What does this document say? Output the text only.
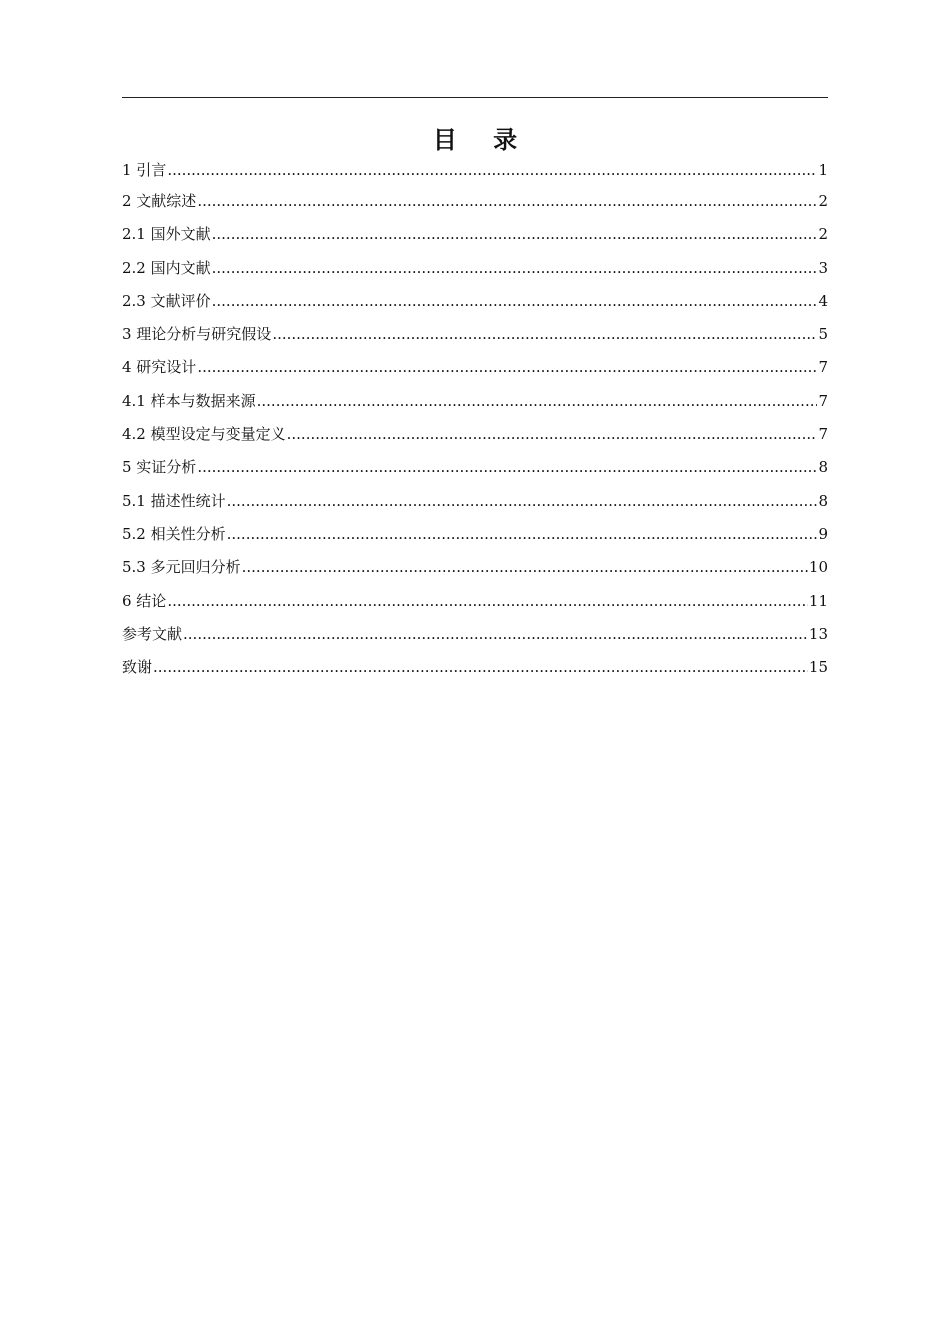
目 录
1 引言 .....	1
2 文献综述 .....	2
2.1 国外文献 .....	2
2.2 国内文献 .....	3
2.3 文献评价 .....	4
3 理论分析与研究假设 .....	5
4 研究设计 .....	7
4.1 样本与数据来源 .....	7
4.2 模型设定与变量定义 .....	7
5 实证分析 .....	8
5.1 描述性统计 .....	8
5.2 相关性分析 .....	9
5.3 多元回归分析 .....	10
6 结论 .....	11
参考文献 .....	13
致谢 .....	15
